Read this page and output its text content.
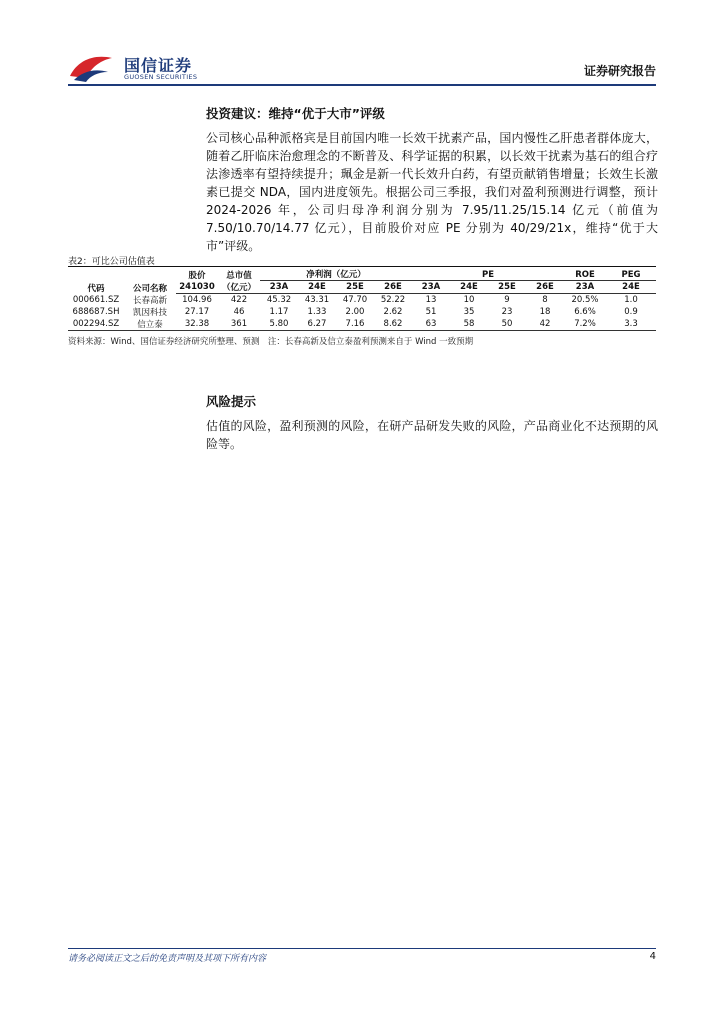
国信证券
GUOSEN SECURITIES	证券研究报告
投资建议：维持“优于大市”评级

公司核心品种派格宾是目前国内唯一长效干扰素产品，国内慢性乙肝患者群体庞大，随着乙肝临床治愈理念的不断普及、科学证据的积累，以长效干扰素为基石的组合疗法渗透率有望持续提升；珮金是新一代长效升白药，有望贡献销售增量；长效生长激素已提交 NDA，国内进度领先。根据公司三季报，我们对盈利预测进行调整，预计 2024-2026 年，公司归母净利润分别为 7.95/11.25/15.14 亿元（前值为 7.50/10.70/14.77 亿元），目前股价对应 PE 分别为 40/29/21x，维持“优于大市”评级。

表2：可比公司估值表
代码	公司名称	股价	总市值	净利润（亿元）				PE				ROE	PEG
		241030	（亿元）	23A	24E	25E	26E	23A	24E	25E	26E	23A	24E
000661.SZ	长春高新	104.96	422	45.32	43.31	47.70	52.22	13	10	9	8	20.5%	1.0
688687.SH	凯因科技	27.17	46	1.17	1.33	2.00	2.62	51	35	23	18	6.6%	0.9
002294.SZ	信立泰	32.38	361	5.80	6.27	7.16	8.62	63	58	50	42	7.2%	3.3
资料来源：Wind、国信证券经济研究所整理、预测　注：长春高新及信立泰盈利预测来自于 Wind 一致预期
风险提示

估值的风险，盈利预测的风险，在研产品研发失败的风险，产品商业化不达预期的风险等。

请务必阅读正文之后的免责声明及其项下所有内容	4
